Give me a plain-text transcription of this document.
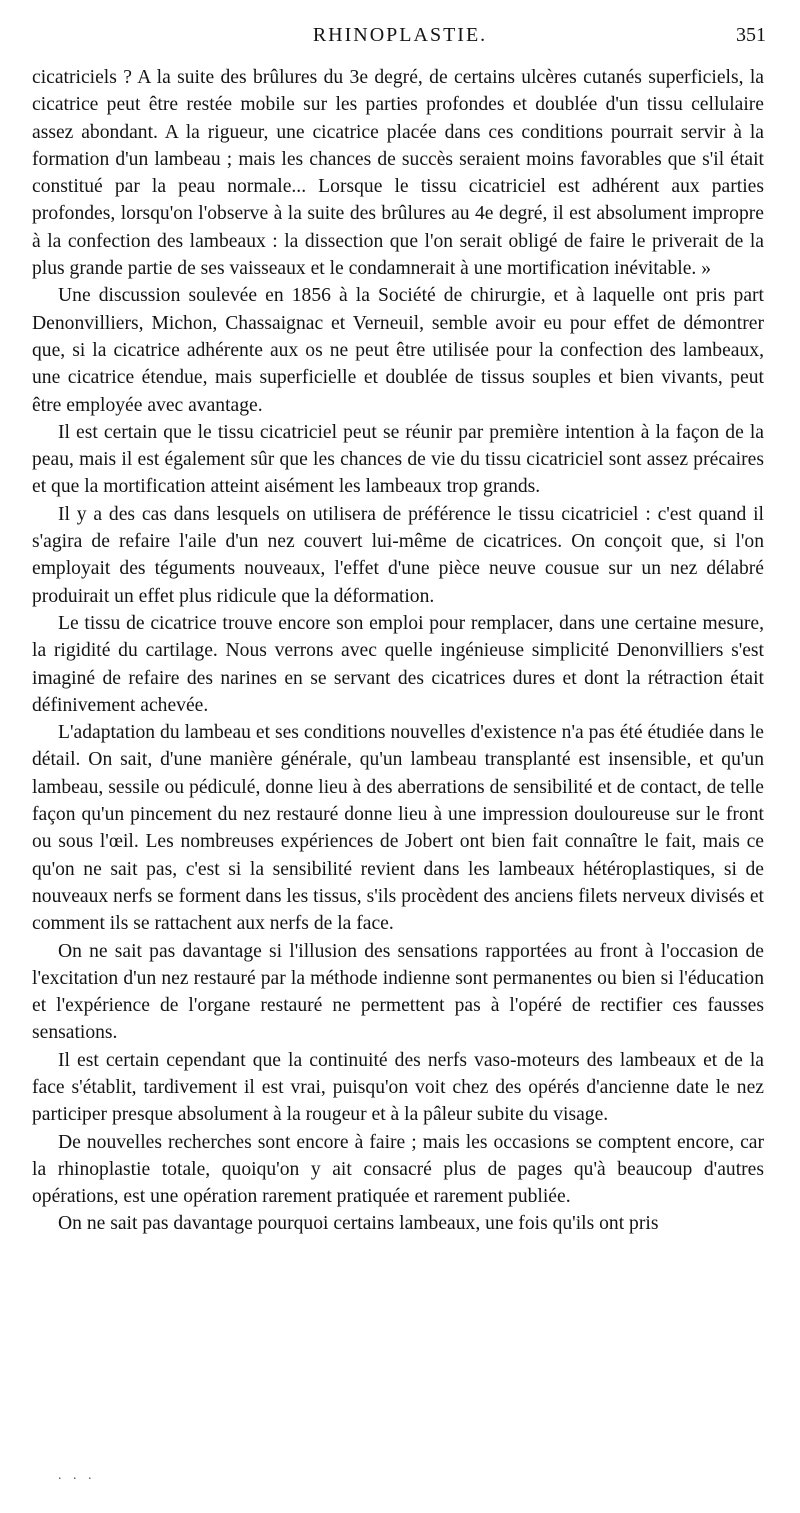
RHINOPLASTIE.	351

cicatriciels ? A la suite des brûlures du 3e degré, de certains ulcères cutanés superficiels, la cicatrice peut être restée mobile sur les parties profondes et doublée d'un tissu cellulaire assez abondant. A la rigueur, une cicatrice placée dans ces conditions pourrait servir à la formation d'un lambeau ; mais les chances de succès seraient moins favorables que s'il était constitué par la peau normale... Lorsque le tissu cicatriciel est adhérent aux parties profondes, lorsqu'on l'observe à la suite des brûlures au 4e degré, il est absolument impropre à la confection des lambeaux : la dissection que l'on serait obligé de faire le priverait de la plus grande partie de ses vaisseaux et le condamnerait à une mortification inévitable. »

Une discussion soulevée en 1856 à la Société de chirurgie, et à laquelle ont pris part Denonvilliers, Michon, Chassaignac et Verneuil, semble avoir eu pour effet de démontrer que, si la cicatrice adhérente aux os ne peut être utilisée pour la confection des lambeaux, une cicatrice étendue, mais superficielle et doublée de tissus souples et bien vivants, peut être employée avec avantage.

Il est certain que le tissu cicatriciel peut se réunir par première intention à la façon de la peau, mais il est également sûr que les chances de vie du tissu cicatriciel sont assez précaires et que la mortification atteint aisément les lambeaux trop grands.

Il y a des cas dans lesquels on utilisera de préférence le tissu cicatriciel : c'est quand il s'agira de refaire l'aile d'un nez couvert lui-même de cicatrices. On conçoit que, si l'on employait des téguments nouveaux, l'effet d'une pièce neuve cousue sur un nez délabré produirait un effet plus ridicule que la déformation.

Le tissu de cicatrice trouve encore son emploi pour remplacer, dans une certaine mesure, la rigidité du cartilage. Nous verrons avec quelle ingénieuse simplicité Denonvilliers s'est imaginé de refaire des narines en se servant des cicatrices dures et dont la rétraction était définivement achevée.

L'adaptation du lambeau et ses conditions nouvelles d'existence n'a pas été étudiée dans le détail. On sait, d'une manière générale, qu'un lambeau transplanté est insensible, et qu'un lambeau, sessile ou pédiculé, donne lieu à des aberrations de sensibilité et de contact, de telle façon qu'un pincement du nez restauré donne lieu à une impression douloureuse sur le front ou sous l'œil. Les nombreuses expériences de Jobert ont bien fait connaître le fait, mais ce qu'on ne sait pas, c'est si la sensibilité revient dans les lambeaux hétéroplastiques, si de nouveaux nerfs se forment dans les tissus, s'ils procèdent des anciens filets nerveux divisés et comment ils se rattachent aux nerfs de la face.

On ne sait pas davantage si l'illusion des sensations rapportées au front à l'occasion de l'excitation d'un nez restauré par la méthode indienne sont permanentes ou bien si l'éducation et l'expérience de l'organe restauré ne permettent pas à l'opéré de rectifier ces fausses sensations.

Il est certain cependant que la continuité des nerfs vaso-moteurs des lambeaux et de la face s'établit, tardivement il est vrai, puisqu'on voit chez des opérés d'ancienne date le nez participer presque absolument à la rougeur et à la pâleur subite du visage.

De nouvelles recherches sont encore à faire ; mais les occasions se comptent encore, car la rhinoplastie totale, quoiqu'on y ait consacré plus de pages qu'à beaucoup d'autres opérations, est une opération rarement pratiquée et rarement publiée.

On ne sait pas davantage pourquoi certains lambeaux, une fois qu'ils ont pris

. . .
